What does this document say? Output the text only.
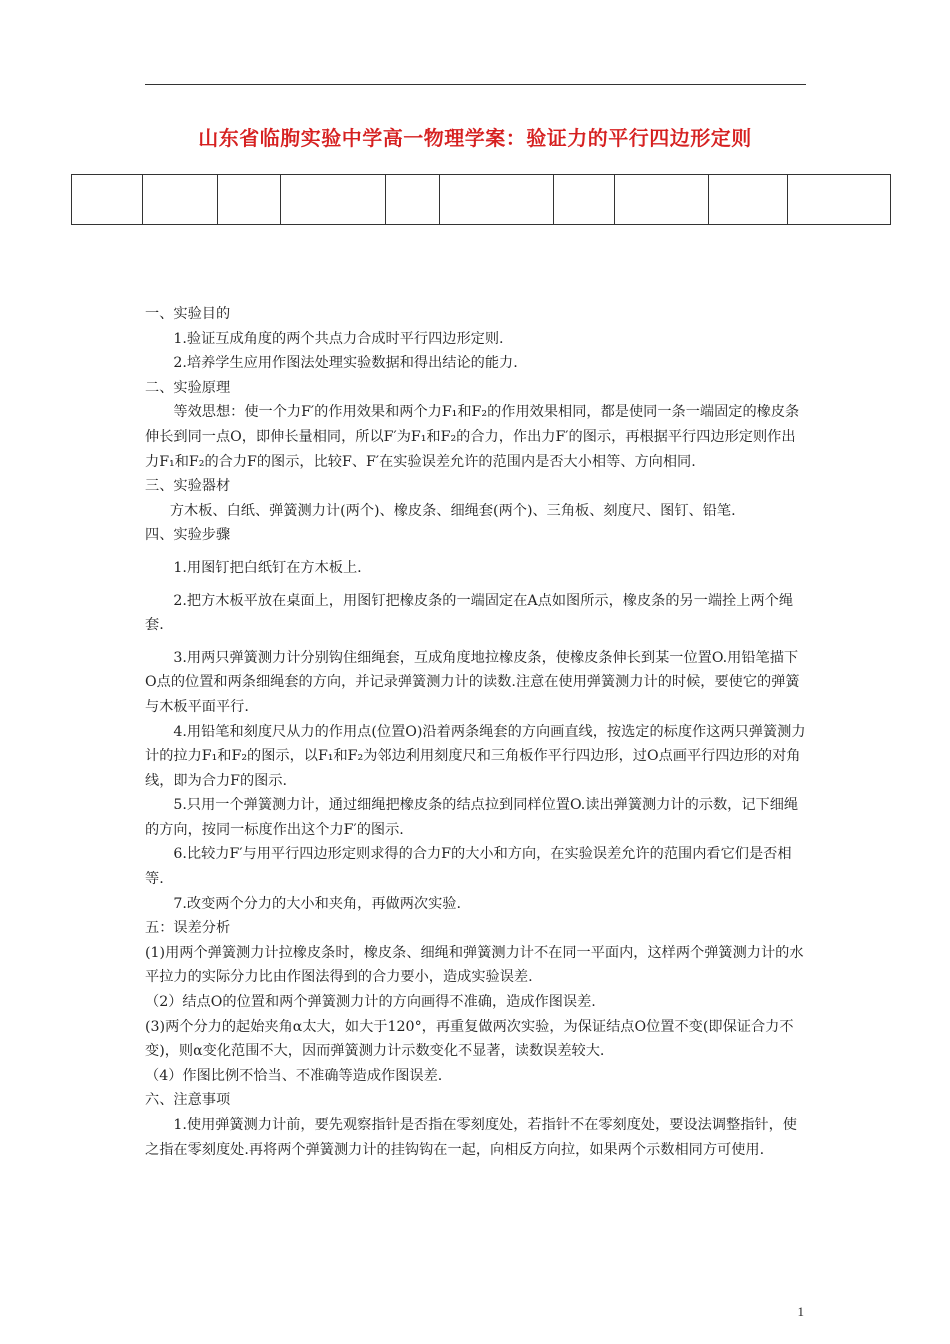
山东省临朐实验中学高一物理学案：验证力的平行四边形定则

一、实验目的

1.验证互成角度的两个共点力合成时平行四边形定则.

2.培养学生应用作图法处理实验数据和得出结论的能力.

二、实验原理

等效思想：使一个力F′的作用效果和两个力F₁和F₂的作用效果相同，都是使同一条一端固定的橡皮条伸长到同一点O，即伸长量相同，所以F′为F₁和F₂的合力，作出力F′的图示，再根据平行四边形定则作出力F₁和F₂的合力F的图示，比较F、F′在实验误差允许的范围内是否大小相等、方向相同.

三、实验器材

方木板、白纸、弹簧测力计(两个)、橡皮条、细绳套(两个)、三角板、刻度尺、图钉、铅笔.

四、实验步骤

1.用图钉把白纸钉在方木板上.

2.把方木板平放在桌面上，用图钉把橡皮条的一端固定在A点如图所示，橡皮条的另一端拴上两个绳套.

3.用两只弹簧测力计分别钩住细绳套，互成角度地拉橡皮条，使橡皮条伸长到某一位置O.用铅笔描下O点的位置和两条细绳套的方向，并记录弹簧测力计的读数.注意在使用弹簧测力计的时候，要使它的弹簧与木板平面平行.

4.用铅笔和刻度尺从力的作用点(位置O)沿着两条绳套的方向画直线，按选定的标度作这两只弹簧测力计的拉力F₁和F₂的图示，以F₁和F₂为邻边利用刻度尺和三角板作平行四边形，过O点画平行四边形的对角线，即为合力F的图示.

5.只用一个弹簧测力计，通过细绳把橡皮条的结点拉到同样位置O.读出弹簧测力计的示数，记下细绳的方向，按同一标度作出这个力F′的图示.

6.比较力F′与用平行四边形定则求得的合力F的大小和方向，在实验误差允许的范围内看它们是否相等.

7.改变两个分力的大小和夹角，再做两次实验.

五：误差分析

(1)用两个弹簧测力计拉橡皮条时，橡皮条、细绳和弹簧测力计不在同一平面内，这样两个弹簧测力计的水平拉力的实际分力比由作图法得到的合力要小，造成实验误差.

（2）结点O的位置和两个弹簧测力计的方向画得不准确，造成作图误差.

(3)两个分力的起始夹角α太大，如大于120°，再重复做两次实验，为保证结点O位置不变(即保证合力不变)，则α变化范围不大，因而弹簧测力计示数变化不显著，读数误差较大.

（4）作图比例不恰当、不准确等造成作图误差.

六、注意事项

1.使用弹簧测力计前，要先观察指针是否指在零刻度处，若指针不在零刻度处，要设法调整指针，使之指在零刻度处.再将两个弹簧测力计的挂钩钩在一起，向相反方向拉，如果两个示数相同方可使用.

1
